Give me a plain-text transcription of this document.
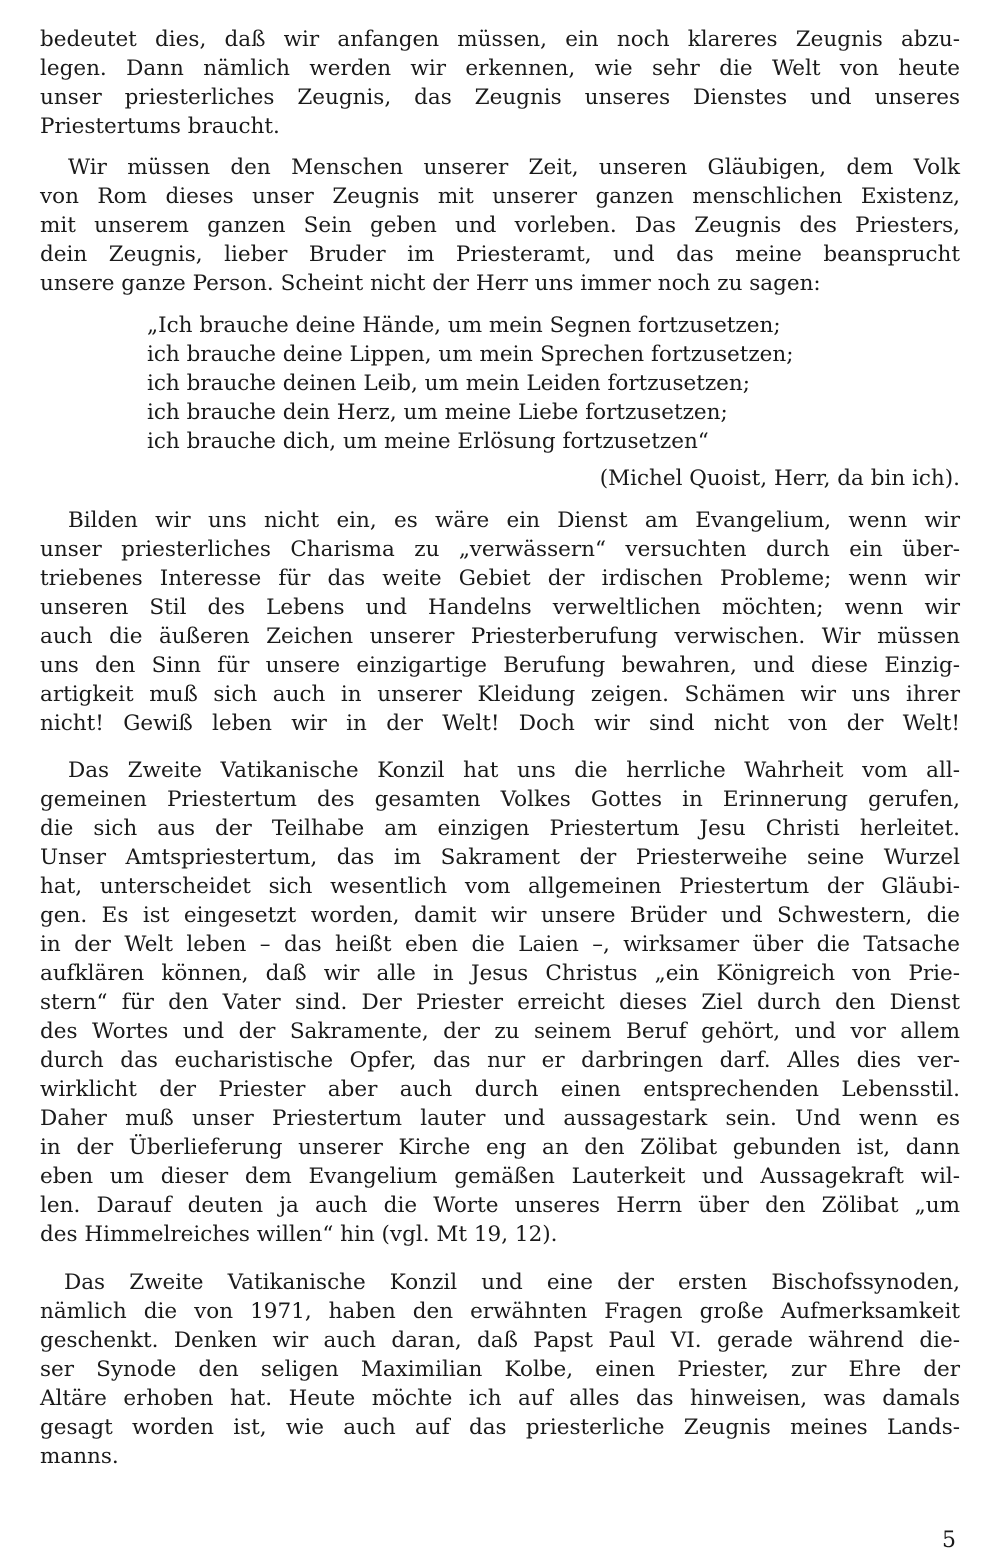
bedeutet dies, daß wir anfangen müssen, ein noch klareres Zeugnis abzu-

legen. Dann nämlich werden wir erkennen, wie sehr die Welt von heute

unser priesterliches Zeugnis, das Zeugnis unseres Dienstes und unseres

Priestertums braucht.

Wir müssen den Menschen unserer Zeit, unseren Gläubigen, dem Volk

von Rom dieses unser Zeugnis mit unserer ganzen menschlichen Existenz,

mit unserem ganzen Sein geben und vorleben. Das Zeugnis des Priesters,

dein Zeugnis, lieber Bruder im Priesteramt, und das meine beansprucht

unsere ganze Person. Scheint nicht der Herr uns immer noch zu sagen:

„Ich brauche deine Hände, um mein Segnen fortzusetzen;

ich brauche deine Lippen, um mein Sprechen fortzusetzen;

ich brauche deinen Leib, um mein Leiden fortzusetzen;

ich brauche dein Herz, um meine Liebe fortzusetzen;

ich brauche dich, um meine Erlösung fortzusetzen“

(Michel Quoist, Herr, da bin ich).

Bilden wir uns nicht ein, es wäre ein Dienst am Evangelium, wenn wir

unser priesterliches Charisma zu „verwässern“ versuchten durch ein über-

triebenes Interesse für das weite Gebiet der irdischen Probleme; wenn wir

unseren Stil des Lebens und Handelns verweltlichen möchten; wenn wir

auch die äußeren Zeichen unserer Priesterberufung verwischen. Wir müssen

uns den Sinn für unsere einzigartige Berufung bewahren, und diese Einzig-

artigkeit muß sich auch in unserer Kleidung zeigen. Schämen wir uns ihrer

nicht! Gewiß leben wir in der Welt! Doch wir sind nicht von der Welt!

Das Zweite Vatikanische Konzil hat uns die herrliche Wahrheit vom all-

gemeinen Priestertum des gesamten Volkes Gottes in Erinnerung gerufen,

die sich aus der Teilhabe am einzigen Priestertum Jesu Christi herleitet.

Unser Amtspriestertum, das im Sakrament der Priesterweihe seine Wurzel

hat, unterscheidet sich wesentlich vom allgemeinen Priestertum der Gläubi-

gen. Es ist eingesetzt worden, damit wir unsere Brüder und Schwestern, die

in der Welt leben – das heißt eben die Laien –, wirksamer über die Tatsache

aufklären können, daß wir alle in Jesus Christus „ein Königreich von Prie-

stern“ für den Vater sind. Der Priester erreicht dieses Ziel durch den Dienst

des Wortes und der Sakramente, der zu seinem Beruf gehört, und vor allem

durch das eucharistische Opfer, das nur er darbringen darf. Alles dies ver-

wirklicht der Priester aber auch durch einen entsprechenden Lebensstil.

Daher muß unser Priestertum lauter und aussagestark sein. Und wenn es

in der Überlieferung unserer Kirche eng an den Zölibat gebunden ist, dann

eben um dieser dem Evangelium gemäßen Lauterkeit und Aussagekraft wil-

len. Darauf deuten ja auch die Worte unseres Herrn über den Zölibat „um

des Himmelreiches willen“ hin (vgl. Mt 19, 12).

Das Zweite Vatikanische Konzil und eine der ersten Bischofssynoden,

nämlich die von 1971, haben den erwähnten Fragen große Aufmerksamkeit

geschenkt. Denken wir auch daran, daß Papst Paul VI. gerade während die-

ser Synode den seligen Maximilian Kolbe, einen Priester, zur Ehre der

Altäre erhoben hat. Heute möchte ich auf alles das hinweisen, was damals

gesagt worden ist, wie auch auf das priesterliche Zeugnis meines Lands-

manns.

5
